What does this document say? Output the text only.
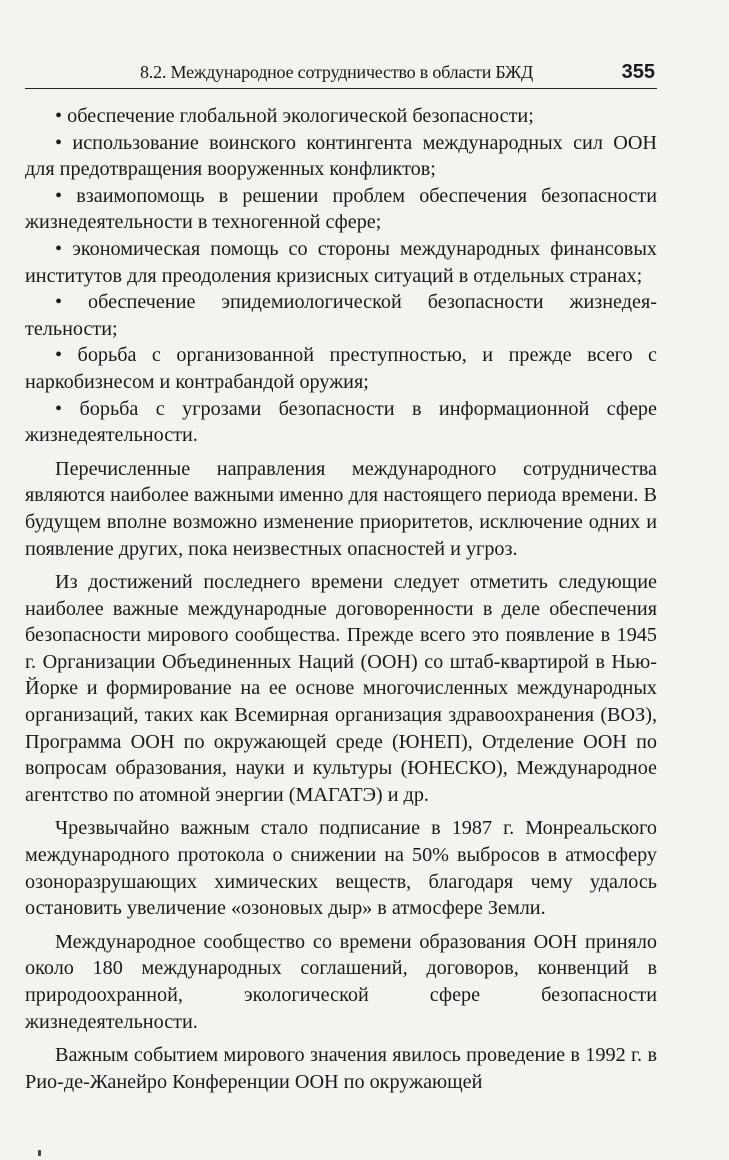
8.2. Международное сотрудничество в области БЖД	355

• обеспечение глобальной экологической безопасности;

• использование воинского контингента международных сил ООН для предотвращения вооруженных конфликтов;

• взаимопомощь в решении проблем обеспечения безопасности жизнедеятельности в техногенной сфере;

• экономическая помощь со стороны международных финансовых институтов для преодоления кризисных ситуаций в отдельных странах;

• обеспечение эпидемиологической безопасности жизнедеятельности;

• борьба с организованной преступностью, и прежде всего с наркобизнесом и контрабандой оружия;

• борьба с угрозами безопасности в информационной сфере жизнедеятельности.

Перечисленные направления международного сотрудничества являются наиболее важными именно для настоящего периода времени. В будущем вполне возможно изменение приоритетов, исключение одних и появление других, пока неизвестных опасностей и угроз.

Из достижений последнего времени следует отметить следующие наиболее важные международные договоренности в деле обеспечения безопасности мирового сообщества. Прежде всего это появление в 1945 г. Организации Объединенных Наций (ООН) со штаб-квартирой в Нью-Йорке и формирование на ее основе многочисленных международных организаций, таких как Всемирная организация здравоохранения (ВОЗ), Программа ООН по окружающей среде (ЮНЕП), Отделение ООН по вопросам образования, науки и культуры (ЮНЕСКО), Международное агентство по атомной энергии (МАГАТЭ) и др.

Чрезвычайно важным стало подписание в 1987 г. Монреальского международного протокола о снижении на 50% выбросов в атмосферу озоноразрушающих химических веществ, благодаря чему удалось остановить увеличение «озоновых дыр» в атмосфере Земли.

Международное сообщество со времени образования ООН приняло около 180 международных соглашений, договоров, конвенций в природоохранной, экологической сфере безопасности жизнедеятельности.

Важным событием мирового значения явилось проведение в 1992 г. в Рио-де-Жанейро Конференции ООН по окружающей
